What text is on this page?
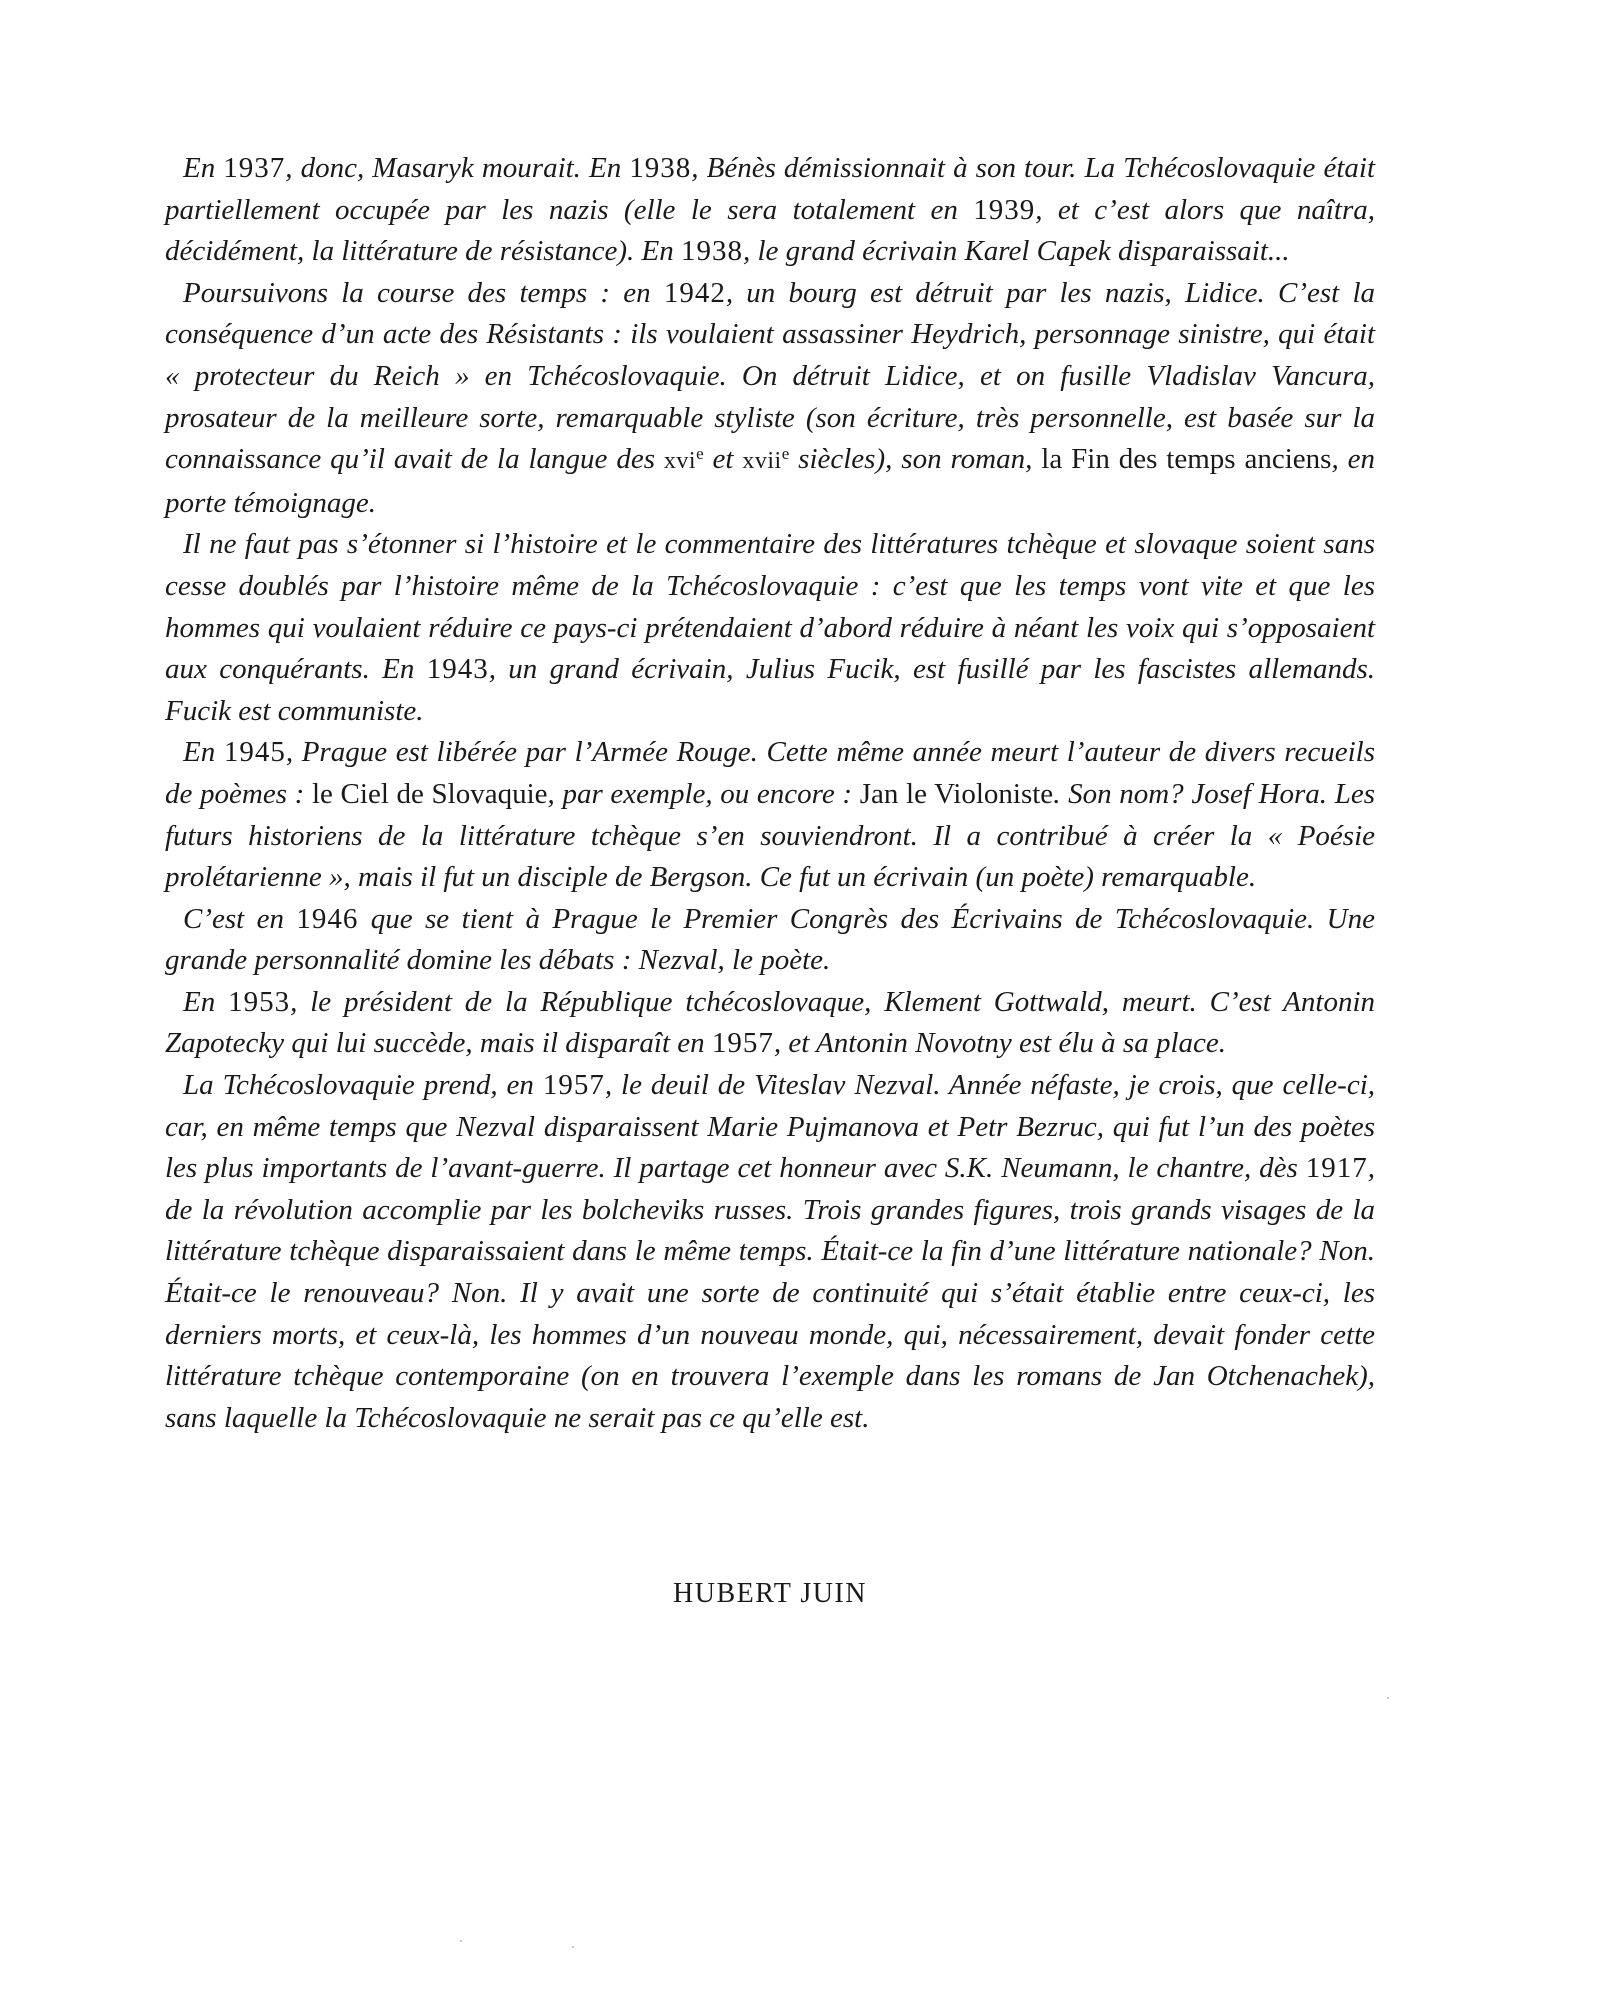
En 1937, donc, Masaryk mourait. En 1938, Bénès démissionnait à son tour. La Tchécoslovaquie était partiellement occupée par les nazis (elle le sera totalement en 1939, et c’est alors que naîtra, décidément, la littérature de résistance). En 1938, le grand écrivain Karel Capek disparaissait...

Poursuivons la course des temps : en 1942, un bourg est détruit par les nazis, Lidice. C’est la conséquence d’un acte des Résistants : ils voulaient assassiner Heydrich, personnage sinistre, qui était « protecteur du Reich » en Tchécoslovaquie. On détruit Lidice, et on fusille Vladislav Vancura, prosateur de la meilleure sorte, remarquable styliste (son écriture, très personnelle, est basée sur la connaissance qu’il avait de la langue des xvi$^e$ et xvii$^e$ siècles), son roman, la Fin des temps anciens, en porte témoignage.

Il ne faut pas s’étonner si l’histoire et le commentaire des littératures tchèque et slovaque soient sans cesse doublés par l’histoire même de la Tchécoslovaquie : c’est que les temps vont vite et que les hommes qui voulaient réduire ce pays-ci prétendaient d’abord réduire à néant les voix qui s’opposaient aux conquérants. En 1943, un grand écrivain, Julius Fucik, est fusillé par les fascistes allemands. Fucik est communiste.

En 1945, Prague est libérée par l’Armée Rouge. Cette même année meurt l’auteur de divers recueils de poèmes : le Ciel de Slovaquie, par exemple, ou encore : Jan le Violoniste. Son nom? Josef Hora. Les futurs historiens de la littérature tchèque s’en souviendront. Il a contribué à créer la « Poésie prolétarienne », mais il fut un disciple de Bergson. Ce fut un écrivain (un poète) remarquable.

C’est en 1946 que se tient à Prague le Premier Congrès des Écrivains de Tchécoslovaquie. Une grande personnalité domine les débats : Nezval, le poète.

En 1953, le président de la République tchécoslovaque, Klement Gottwald, meurt. C’est Antonin Zapotecky qui lui succède, mais il disparaît en 1957, et Antonin Novotny est élu à sa place.

La Tchécoslovaquie prend, en 1957, le deuil de Viteslav Nezval. Année néfaste, je crois, que celle-ci, car, en même temps que Nezval disparaissent Marie Pujmanova et Petr Bezruc, qui fut l’un des poètes les plus importants de l’avant-guerre. Il partage cet honneur avec S.K. Neumann, le chantre, dès 1917, de la révolution accomplie par les bolcheviks russes. Trois grandes figures, trois grands visages de la littérature tchèque disparaissaient dans le même temps. Était-ce la fin d’une littérature nationale? Non. Était-ce le renouveau? Non. Il y avait une sorte de continuité qui s’était établie entre ceux-ci, les derniers morts, et ceux-là, les hommes d’un nouveau monde, qui, nécessairement, devait fonder cette littérature tchèque contemporaine (on en trouvera l’exemple dans les romans de Jan Otchenachek), sans laquelle la Tchécoslovaquie ne serait pas ce qu’elle est.

HUBERT JUIN
